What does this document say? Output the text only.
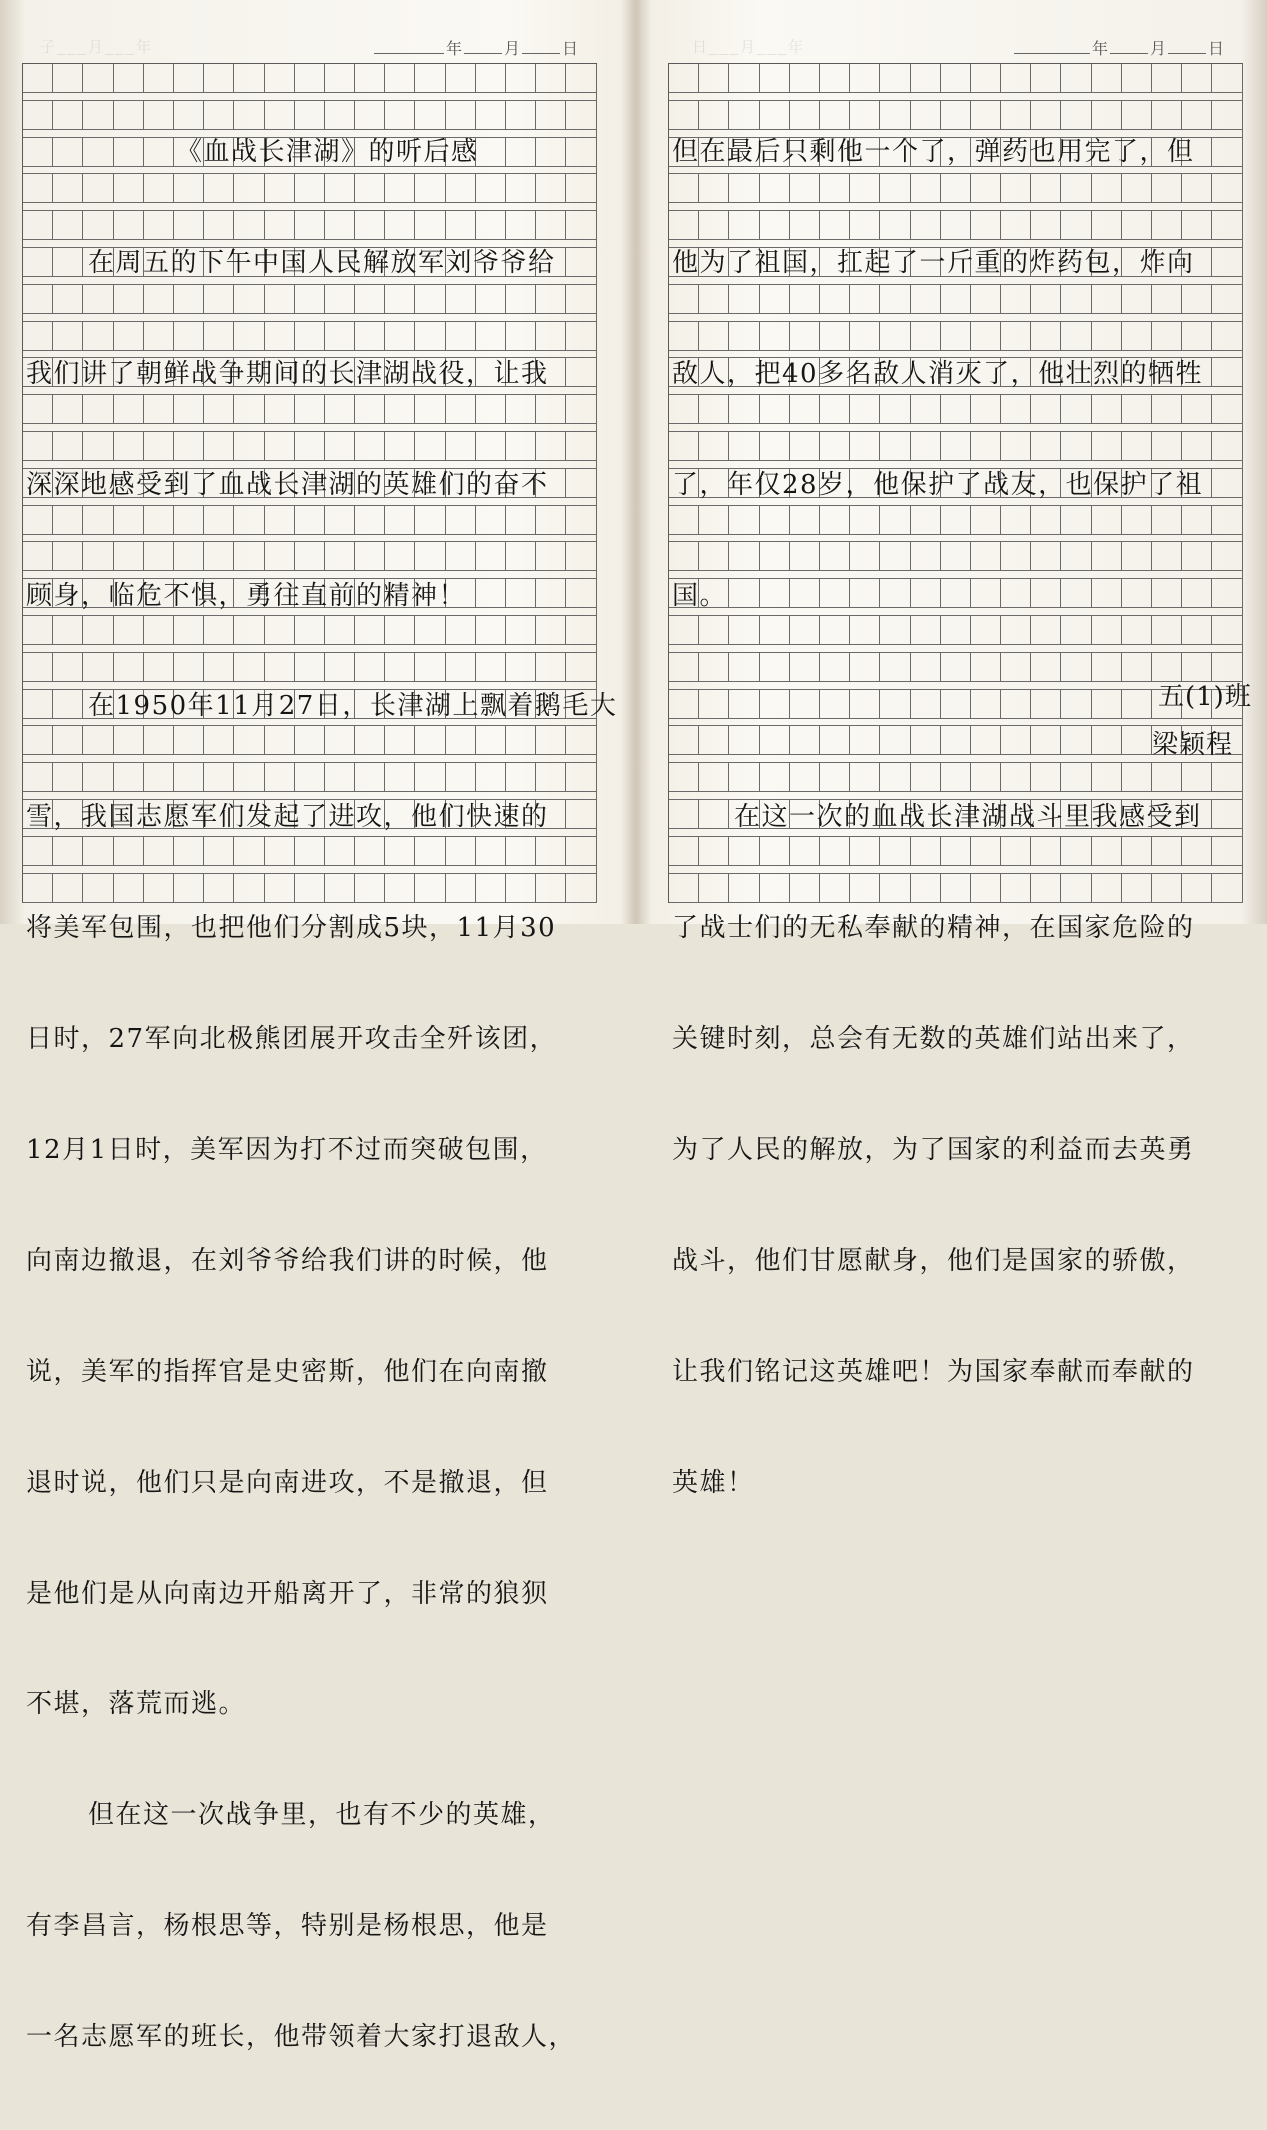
子___月___年	年	月	日	日___月___年	年	月	日

《血战长津湖》的听后感

在周五的下午中国人民解放军刘爷爷给

我们讲了朝鲜战争期间的长津湖战役，让我

深深地感受到了血战长津湖的英雄们的奋不

顾身，临危不惧，勇往直前的精神！

在1950年11月27日，长津湖上飘着鹅毛大

雪，我国志愿军们发起了进攻，他们快速的

将美军包围，也把他们分割成5块，11月30

日时，27军向北极熊团展开攻击全歼该团，

12月1日时，美军因为打不过而突破包围，

向南边撤退，在刘爷爷给我们讲的时候，他

说，美军的指挥官是史密斯，他们在向南撤

退时说，他们只是向南进攻，不是撤退，但

是他们是从向南边开船离开了，非常的狼狈

不堪，落荒而逃。

但在这一次战争里，也有不少的英雄，

有李昌言，杨根思等，特别是杨根思，他是

一名志愿军的班长，他带领着大家打退敌人，

但在最后只剩他一个了，弹药也用完了，但

他为了祖国，扛起了一斤重的炸药包，炸向

敌人，把40多名敌人消灭了，他壮烈的牺牲

了，年仅28岁，他保护了战友，也保护了祖

国。

在这一次的血战长津湖战斗里我感受到

了战士们的无私奉献的精神，在国家危险的

关键时刻，总会有无数的英雄们站出来了，

为了人民的解放，为了国家的利益而去英勇

战斗，他们甘愿献身，他们是国家的骄傲，

让我们铭记这英雄吧！为国家奉献而奉献的

英雄！

五(1)班
梁颖程
